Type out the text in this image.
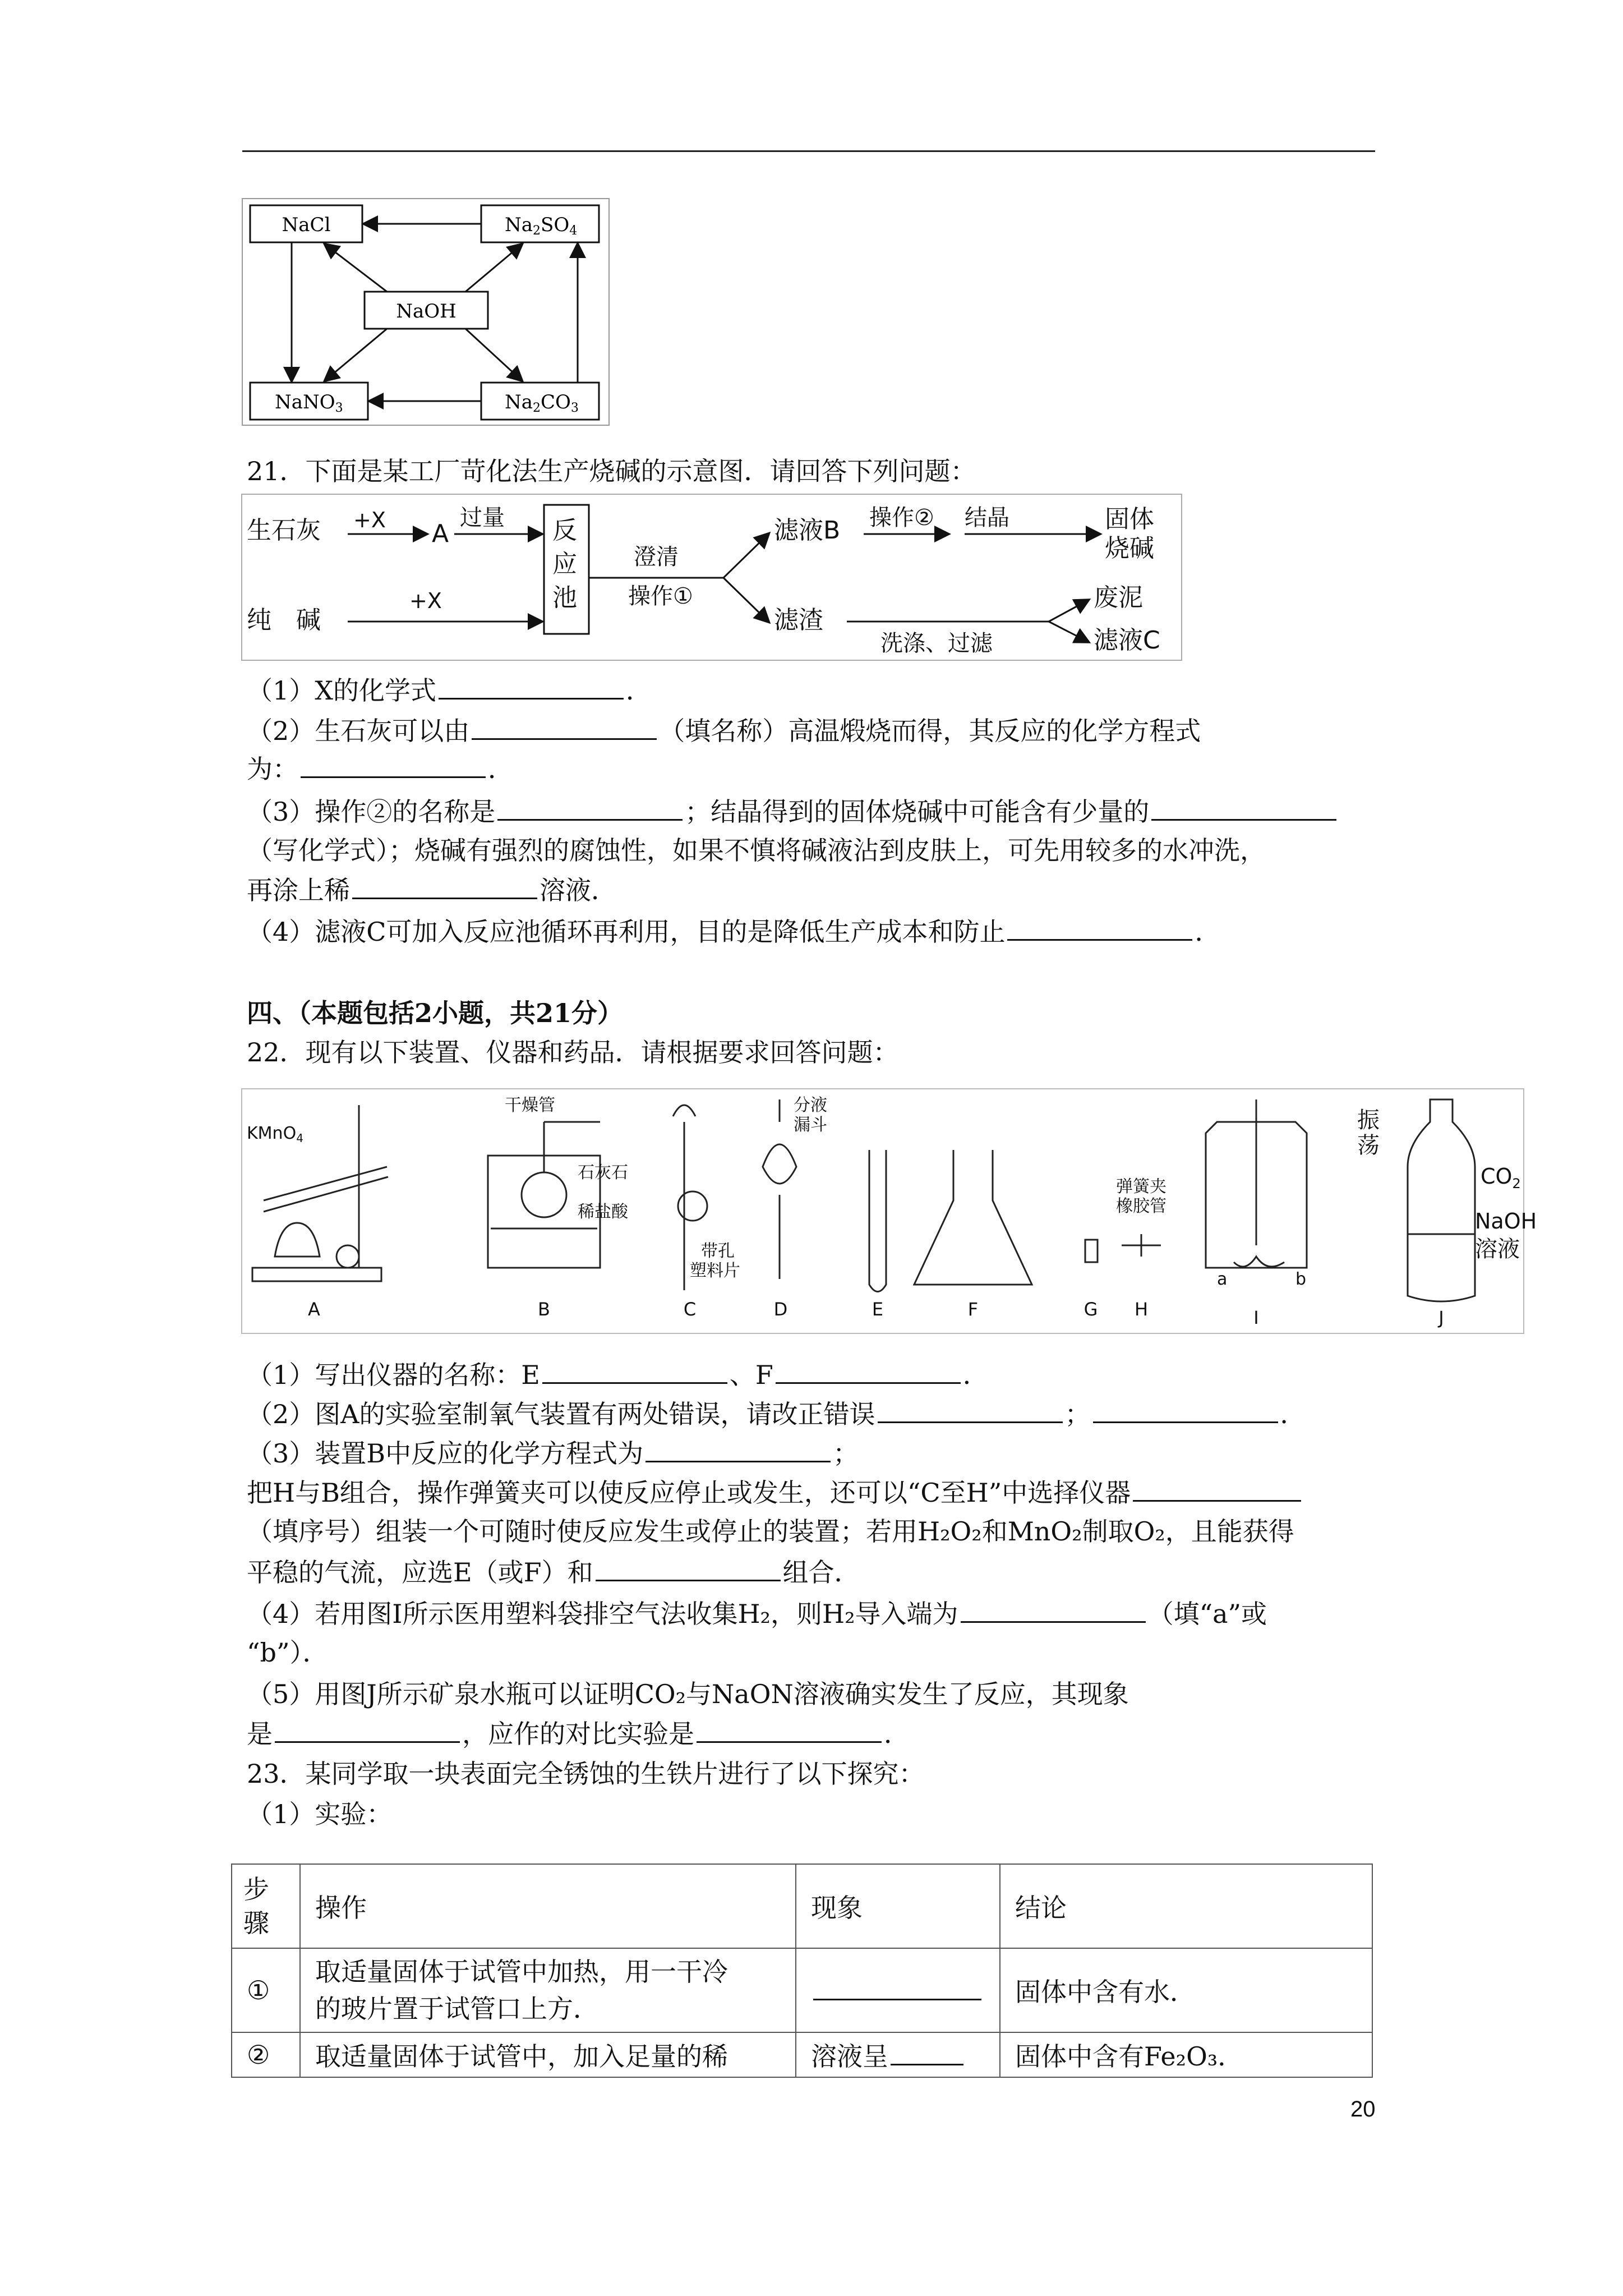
NaCl	Na2SO4
NaOH
NaNO3	Na2CO3
21．下面是某工厂苛化法生产烧碱的示意图．请回答下列问题：
生石灰 +X A
过量
纯　碱
+X
反
应
池
澄清
操作①
滤液B 操作② 结晶	固体
烧碱
滤渣
洗涤、过滤
废泥
滤液C
（1）X的化学式	．
（2）生石灰可以由	（填名称）高温煅烧而得，其反应的化学方程式
为：	．
（3）操作②的名称是	；结晶得到的固体烧碱中可能含有少量的
（写化学式）；烧碱有强烈的腐蚀性，如果不慎将碱液沾到皮肤上，可先用较多的水冲洗，
再涂上稀	溶液．
（4）滤液C可加入反应池循环再利用，目的是降低生产成本和防止	．
四、（本题包括2小题，共21分）
22．现有以下装置、仪器和药品．请根据要求回答问题：
KMnO$_4$
干燥管
石灰石
稀盐酸
带孔
塑料片
分液
漏斗
弹簧夹
橡胶管
振
荡
$CO_2$
NaOH
溶液
a	b
A	B	C	D	E	F	G H	I	J
（1）写出仪器的名称：E	、F	．
（2）图A的实验室制氧气装置有两处错误，请改正错误	；	．
（3）装置B中反应的化学方程式为	；
把H与B组合，操作弹簧夹可以使反应停止或发生，还可以“C至H”中选择仪器
（填序号）组装一个可随时使反应发生或停止的装置；若用H₂O₂和MnO₂制取O₂，且能获得
平稳的气流，应选E（或F）和	组合．
（4）若用图I所示医用塑料袋排空气法收集H₂，则H₂导入端为	（填“a”或
“b”）．
（5）用图J所示矿泉水瓶可以证明CO₂与NaON溶液确实发生了反应，其现象
是	，应作的对比实验是	．
23．某同学取一块表面完全锈蚀的生铁片进行了以下探究：
（1）实验：
步
骤	操作	现象	结论
①	取适量固体于试管中加热，用一干冷
的玻片置于试管口上方．		固体中含有水．
②	取适量固体于试管中，加入足量的稀	溶液呈	固体中含有Fe₂O₃．
20
